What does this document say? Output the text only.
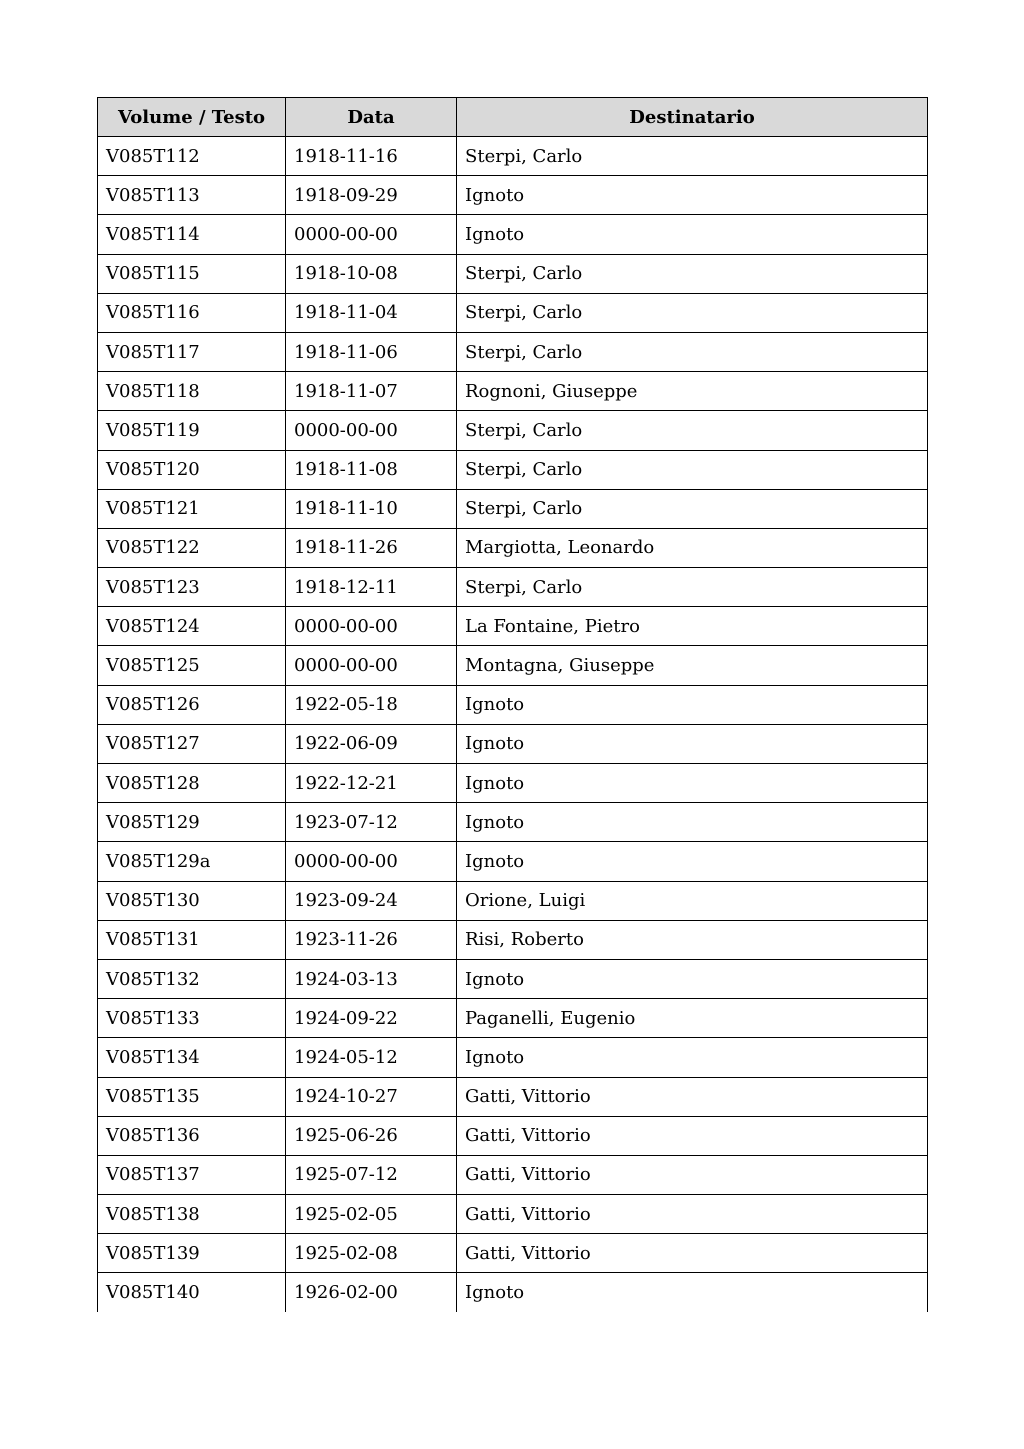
Volume / Testo	Data	Destinatario
V085T112	1918-11-16	Sterpi, Carlo
V085T113	1918-09-29	Ignoto
V085T114	0000-00-00	Ignoto
V085T115	1918-10-08	Sterpi, Carlo
V085T116	1918-11-04	Sterpi, Carlo
V085T117	1918-11-06	Sterpi, Carlo
V085T118	1918-11-07	Rognoni, Giuseppe
V085T119	0000-00-00	Sterpi, Carlo
V085T120	1918-11-08	Sterpi, Carlo
V085T121	1918-11-10	Sterpi, Carlo
V085T122	1918-11-26	Margiotta, Leonardo
V085T123	1918-12-11	Sterpi, Carlo
V085T124	0000-00-00	La Fontaine, Pietro
V085T125	0000-00-00	Montagna, Giuseppe
V085T126	1922-05-18	Ignoto
V085T127	1922-06-09	Ignoto
V085T128	1922-12-21	Ignoto
V085T129	1923-07-12	Ignoto
V085T129a	0000-00-00	Ignoto
V085T130	1923-09-24	Orione, Luigi
V085T131	1923-11-26	Risi, Roberto
V085T132	1924-03-13	Ignoto
V085T133	1924-09-22	Paganelli, Eugenio
V085T134	1924-05-12	Ignoto
V085T135	1924-10-27	Gatti, Vittorio
V085T136	1925-06-26	Gatti, Vittorio
V085T137	1925-07-12	Gatti, Vittorio
V085T138	1925-02-05	Gatti, Vittorio
V085T139	1925-02-08	Gatti, Vittorio
V085T140	1926-02-00	Ignoto
